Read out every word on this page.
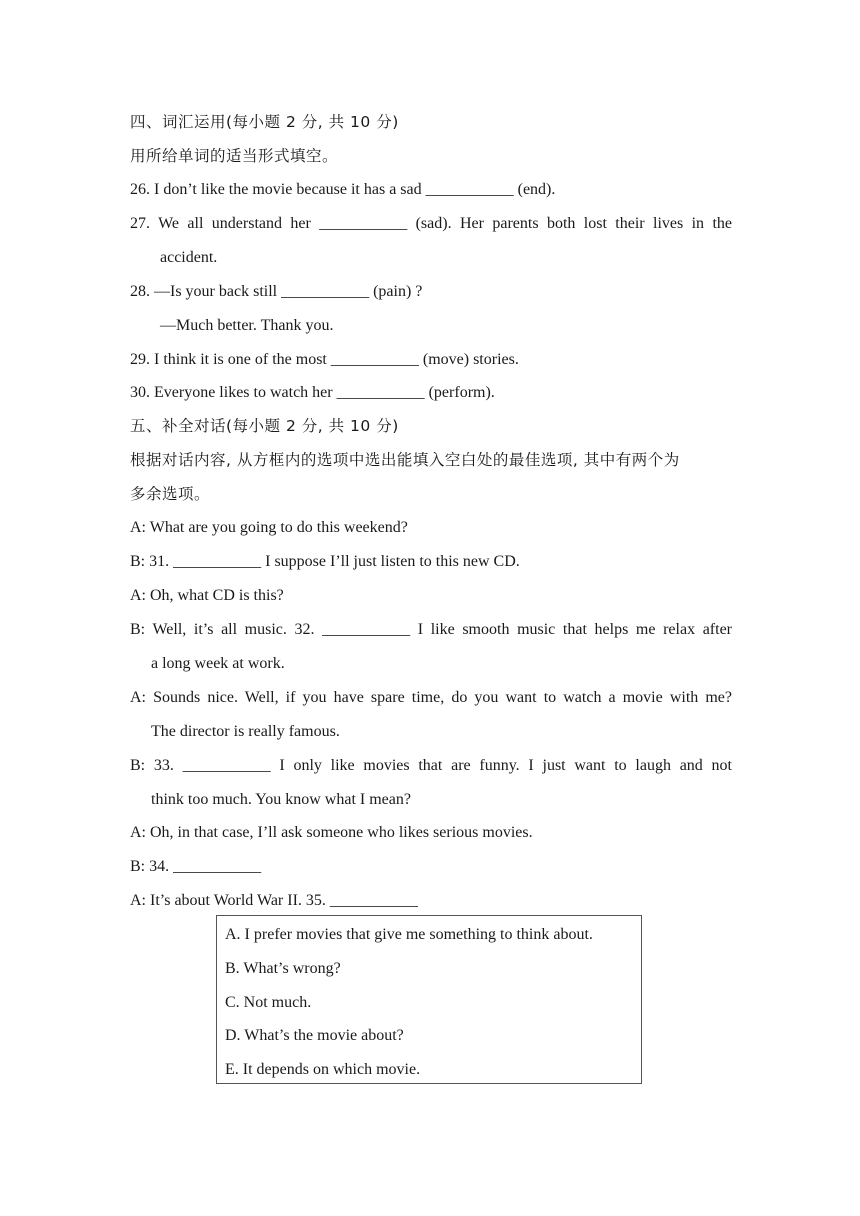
四、词汇运用(每小题 2 分, 共 10 分)
用所给单词的适当形式填空。
26. I don’t like the movie because it has a sad ___________ (end).
27. We all understand her ___________ (sad). Her parents both lost their lives in the
accident.
28. —Is your back still ___________ (pain) ?
—Much better. Thank you.
29. I think it is one of the most ___________ (move) stories.
30. Everyone likes to watch her ___________ (perform).
五、补全对话(每小题 2 分, 共 10 分)
根据对话内容, 从方框内的选项中选出能填入空白处的最佳选项, 其中有两个为
多余选项。
A: What are you going to do this weekend?
B: 31. ___________ I suppose I’ll just listen to this new CD.
A: Oh, what CD is this?
B: Well, it’s all music. 32. ___________ I like smooth music that helps me relax after
a long week at work.
A: Sounds nice. Well, if you have spare time, do you want to watch a movie with me?
The director is really famous.
B: 33. ___________ I only like movies that are funny. I just want to laugh and not
think too much. You know what I mean?
A: Oh, in that case, I’ll ask someone who likes serious movies.
B: 34. ___________
A: It’s about World War II. 35. ___________
A. I prefer movies that give me something to think about.
B. What’s wrong?
C. Not much.
D. What’s the movie about?
E. It depends on which movie.
